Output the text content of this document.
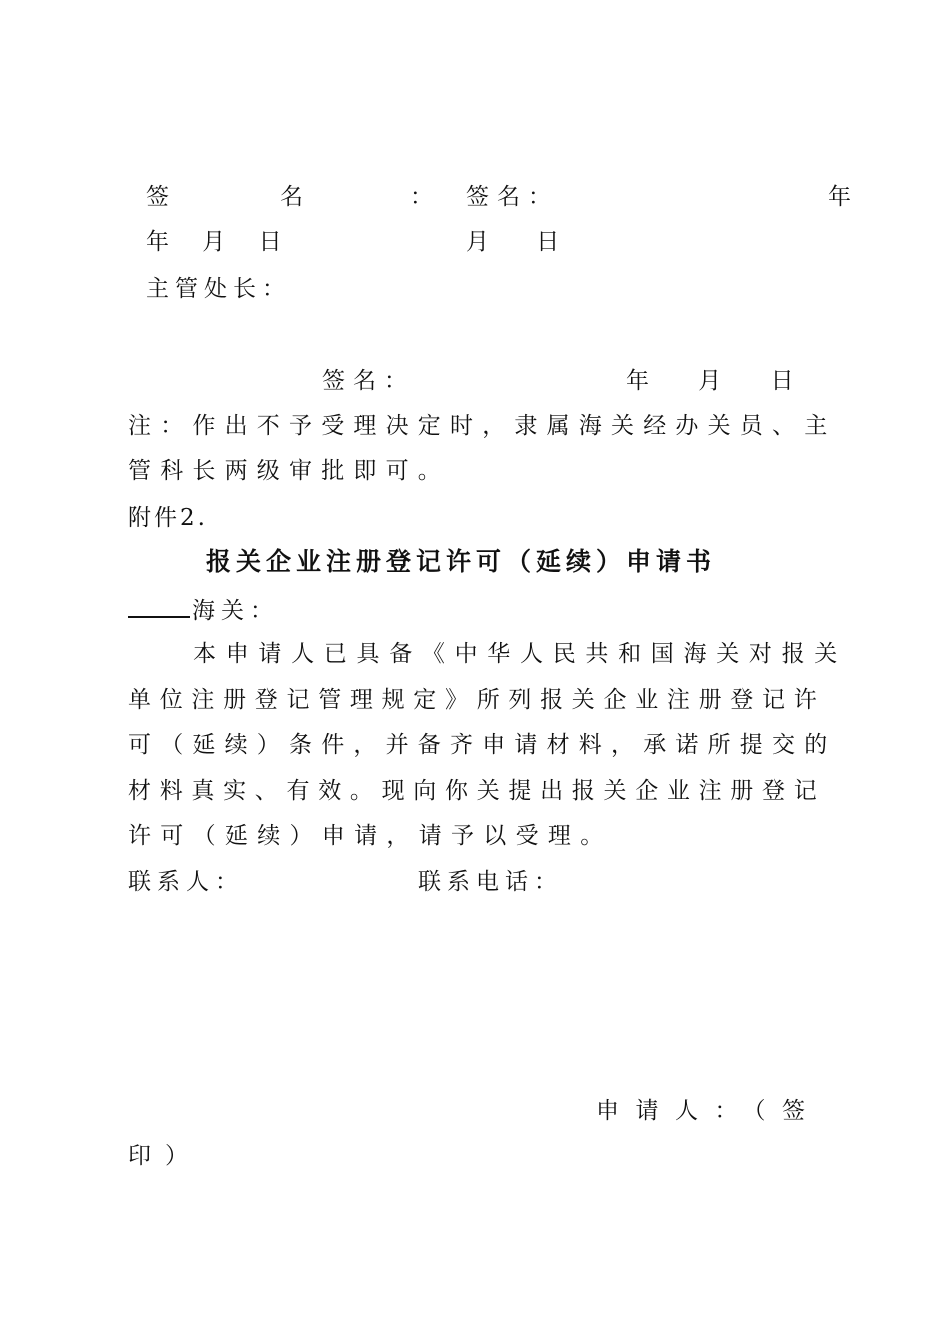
签	名	： 签名：	年
年 月 日	月 日
主管处长：
签名：	年 月 日
注：作出不予受理决定时，隶属海关经办关员、主
管科长两级审批即可。
附件2.
报关企业注册登记许可（延续）申请书
海关：
本申请人已具备《中华人民共和国海关对报关
单位注册登记管理规定》所列报关企业注册登记许
可（延续）条件，并备齐申请材料，承诺所提交的
材料真实、有效。现向你关提出报关企业注册登记
许可（延续）申请，请予以受理。
联系人：	联系电话：
申请人：（签
印）
